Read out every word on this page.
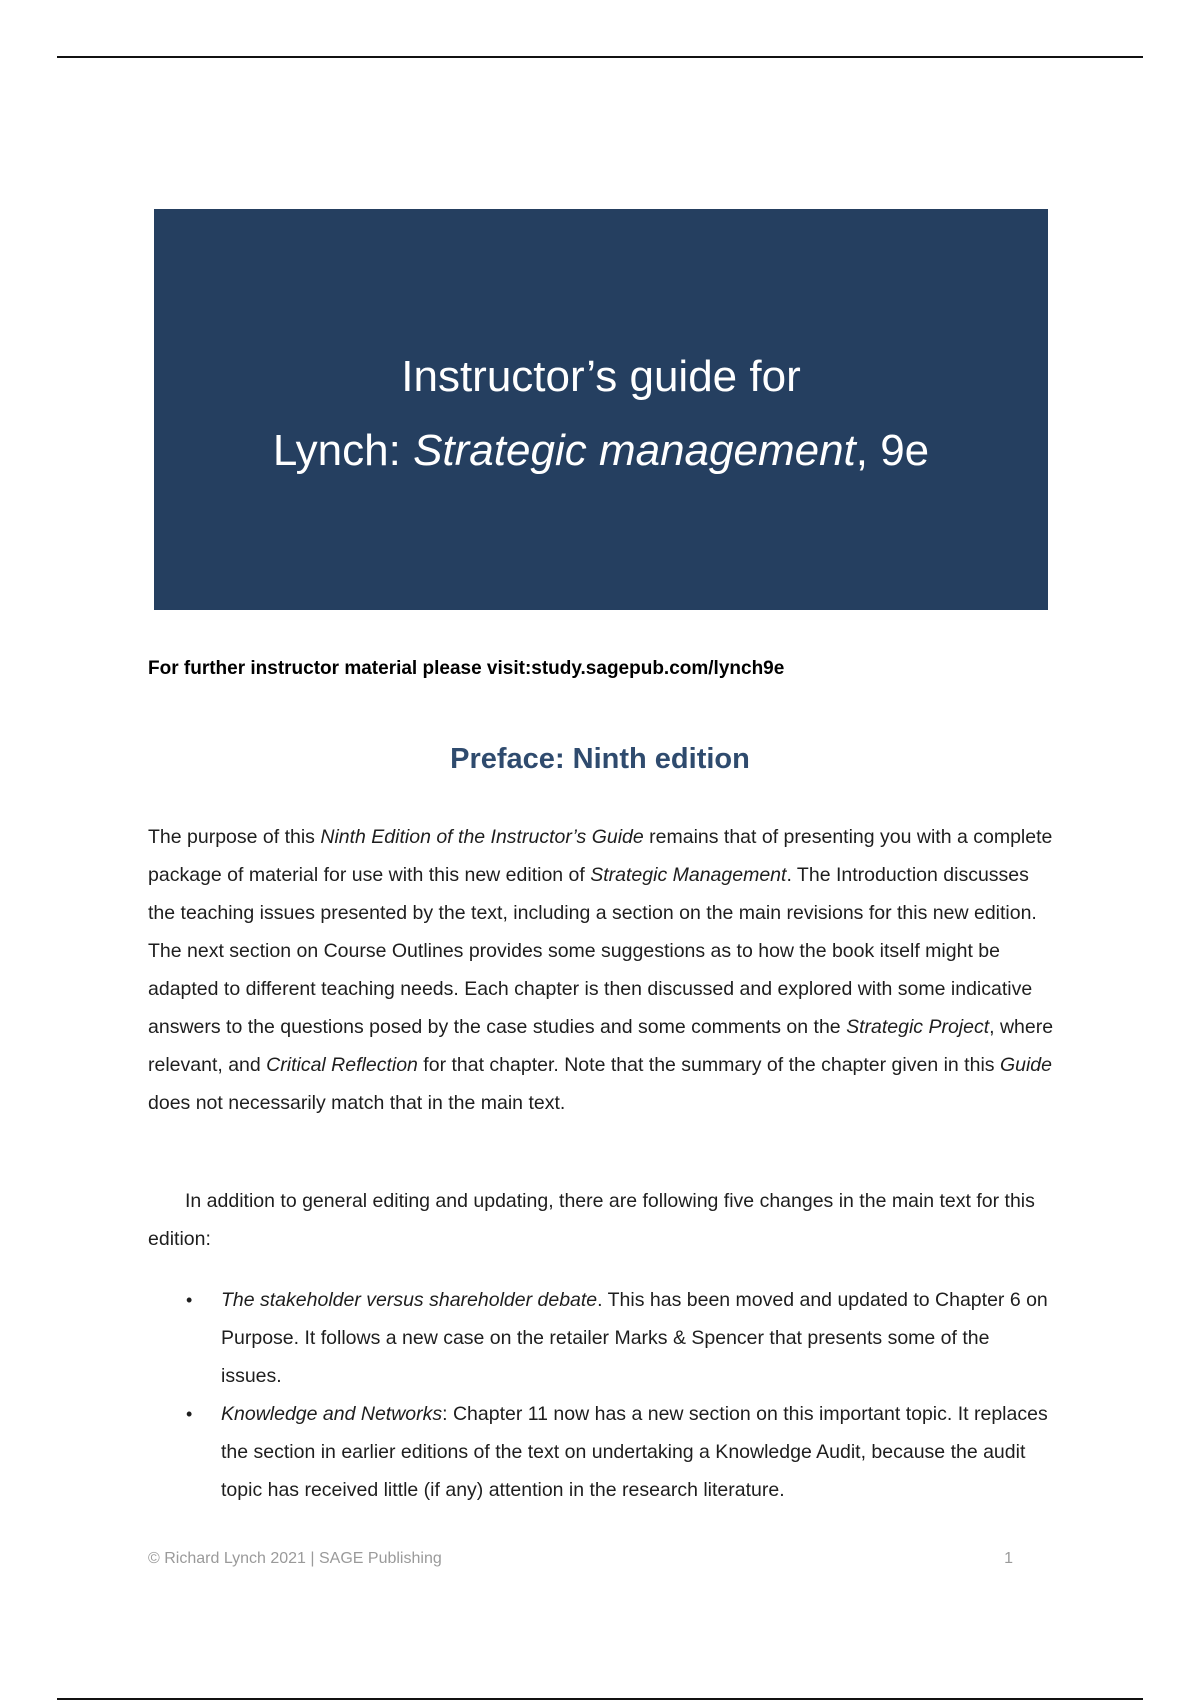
Instructor’s guide for
Lynch: Strategic management, 9e
For further instructor material please visit:study.sagepub.com/lynch9e
Preface: Ninth edition
The purpose of this Ninth Edition of the Instructor’s Guide remains that of presenting you with a complete package of material for use with this new edition of Strategic Management. The Introduction discusses the teaching issues presented by the text, including a section on the main revisions for this new edition. The next section on Course Outlines provides some suggestions as to how the book itself might be adapted to different teaching needs. Each chapter is then discussed and explored with some indicative answers to the questions posed by the case studies and some comments on the Strategic Project, where relevant, and Critical Reflection for that chapter. Note that the summary of the chapter given in this Guide does not necessarily match that in the main text.
In addition to general editing and updating, there are following five changes in the main text for this edition:
• The stakeholder versus shareholder debate. This has been moved and updated to Chapter 6 on Purpose. It follows a new case on the retailer Marks & Spencer that presents some of the issues.
• Knowledge and Networks: Chapter 11 now has a new section on this important topic. It replaces the section in earlier editions of the text on undertaking a Knowledge Audit, because the audit topic has received little (if any) attention in the research literature.
© Richard Lynch 2021 | SAGE Publishing	1
